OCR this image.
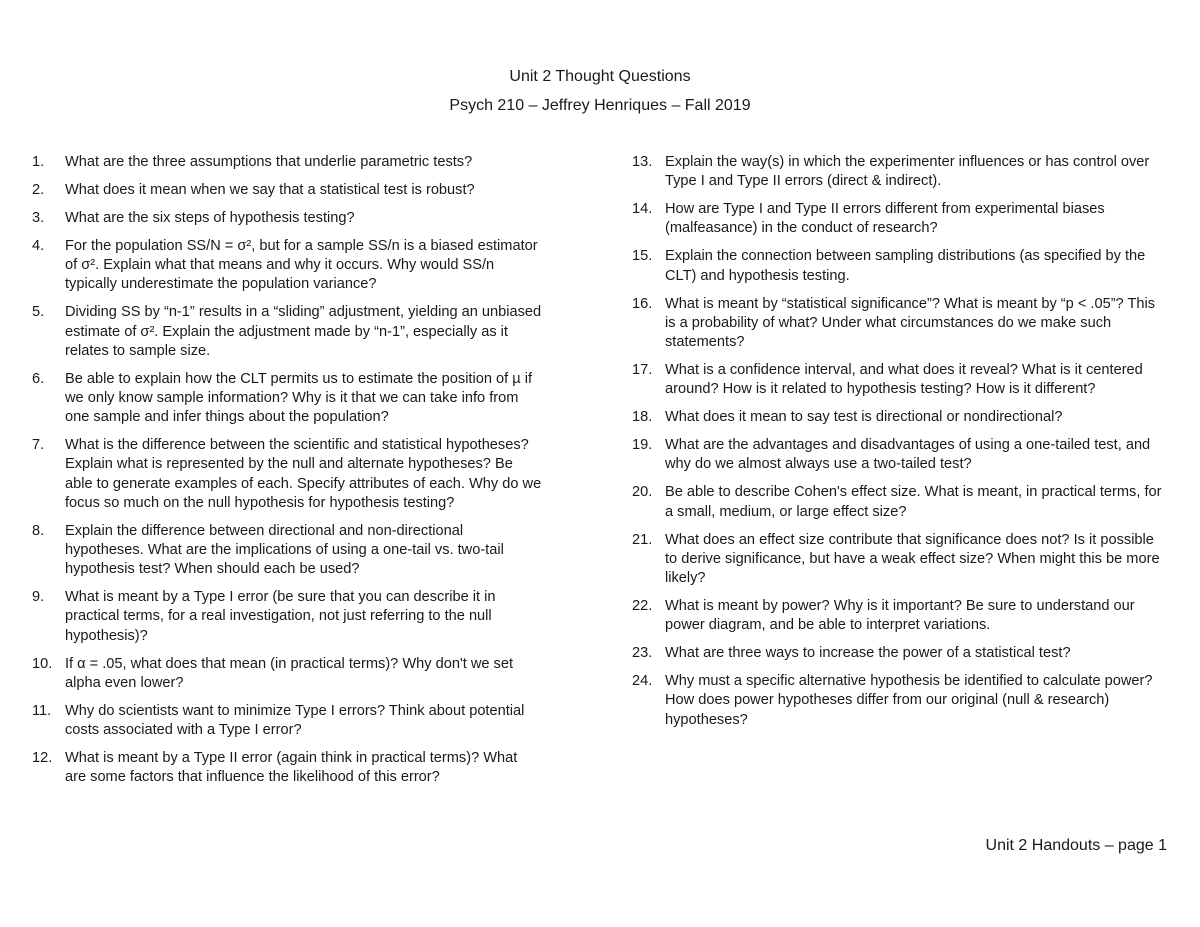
Unit 2 Thought Questions
Psych 210 – Jeffrey Henriques – Fall 2019
1. What are the three assumptions that underlie parametric tests?
2. What does it mean when we say that a statistical test is robust?
3. What are the six steps of hypothesis testing?
4. For the population SS/N = σ², but for a sample SS/n is a biased estimator of σ². Explain what that means and why it occurs. Why would SS/n typically underestimate the population variance?
5. Dividing SS by “n-1” results in a “sliding” adjustment, yielding an unbiased estimate of σ². Explain the adjustment made by “n-1”, especially as it relates to sample size.
6. Be able to explain how the CLT permits us to estimate the position of µ if we only know sample information? Why is it that we can take info from one sample and infer things about the population?
7. What is the difference between the scientific and statistical hypotheses? Explain what is represented by the null and alternate hypotheses? Be able to generate examples of each. Specify attributes of each. Why do we focus so much on the null hypothesis for hypothesis testing?
8. Explain the difference between directional and non-directional hypotheses. What are the implications of using a one-tail vs. two-tail hypothesis test? When should each be used?
9. What is meant by a Type I error (be sure that you can describe it in practical terms, for a real investigation, not just referring to the null hypothesis)?
10. If α = .05, what does that mean (in practical terms)? Why don't we set alpha even lower?
11. Why do scientists want to minimize Type I errors? Think about potential costs associated with a Type I error?
12. What is meant by a Type II error (again think in practical terms)? What are some factors that influence the likelihood of this error?
13. Explain the way(s) in which the experimenter influences or has control over Type I and Type II errors (direct & indirect).
14. How are Type I and Type II errors different from experimental biases (malfeasance) in the conduct of research?
15. Explain the connection between sampling distributions (as specified by the CLT) and hypothesis testing.
16. What is meant by “statistical significance”? What is meant by “p < .05”? This is a probability of what? Under what circumstances do we make such statements?
17. What is a confidence interval, and what does it reveal? What is it centered around? How is it related to hypothesis testing? How is it different?
18. What does it mean to say test is directional or nondirectional?
19. What are the advantages and disadvantages of using a one-tailed test, and why do we almost always use a two-tailed test?
20. Be able to describe Cohen's effect size. What is meant, in practical terms, for a small, medium, or large effect size?
21. What does an effect size contribute that significance does not? Is it possible to derive significance, but have a weak effect size? When might this be more likely?
22. What is meant by power? Why is it important? Be sure to understand our power diagram, and be able to interpret variations.
23. What are three ways to increase the power of a statistical test?
24. Why must a specific alternative hypothesis be identified to calculate power? How does power hypotheses differ from our original (null & research) hypotheses?
Unit 2 Handouts – page 1
